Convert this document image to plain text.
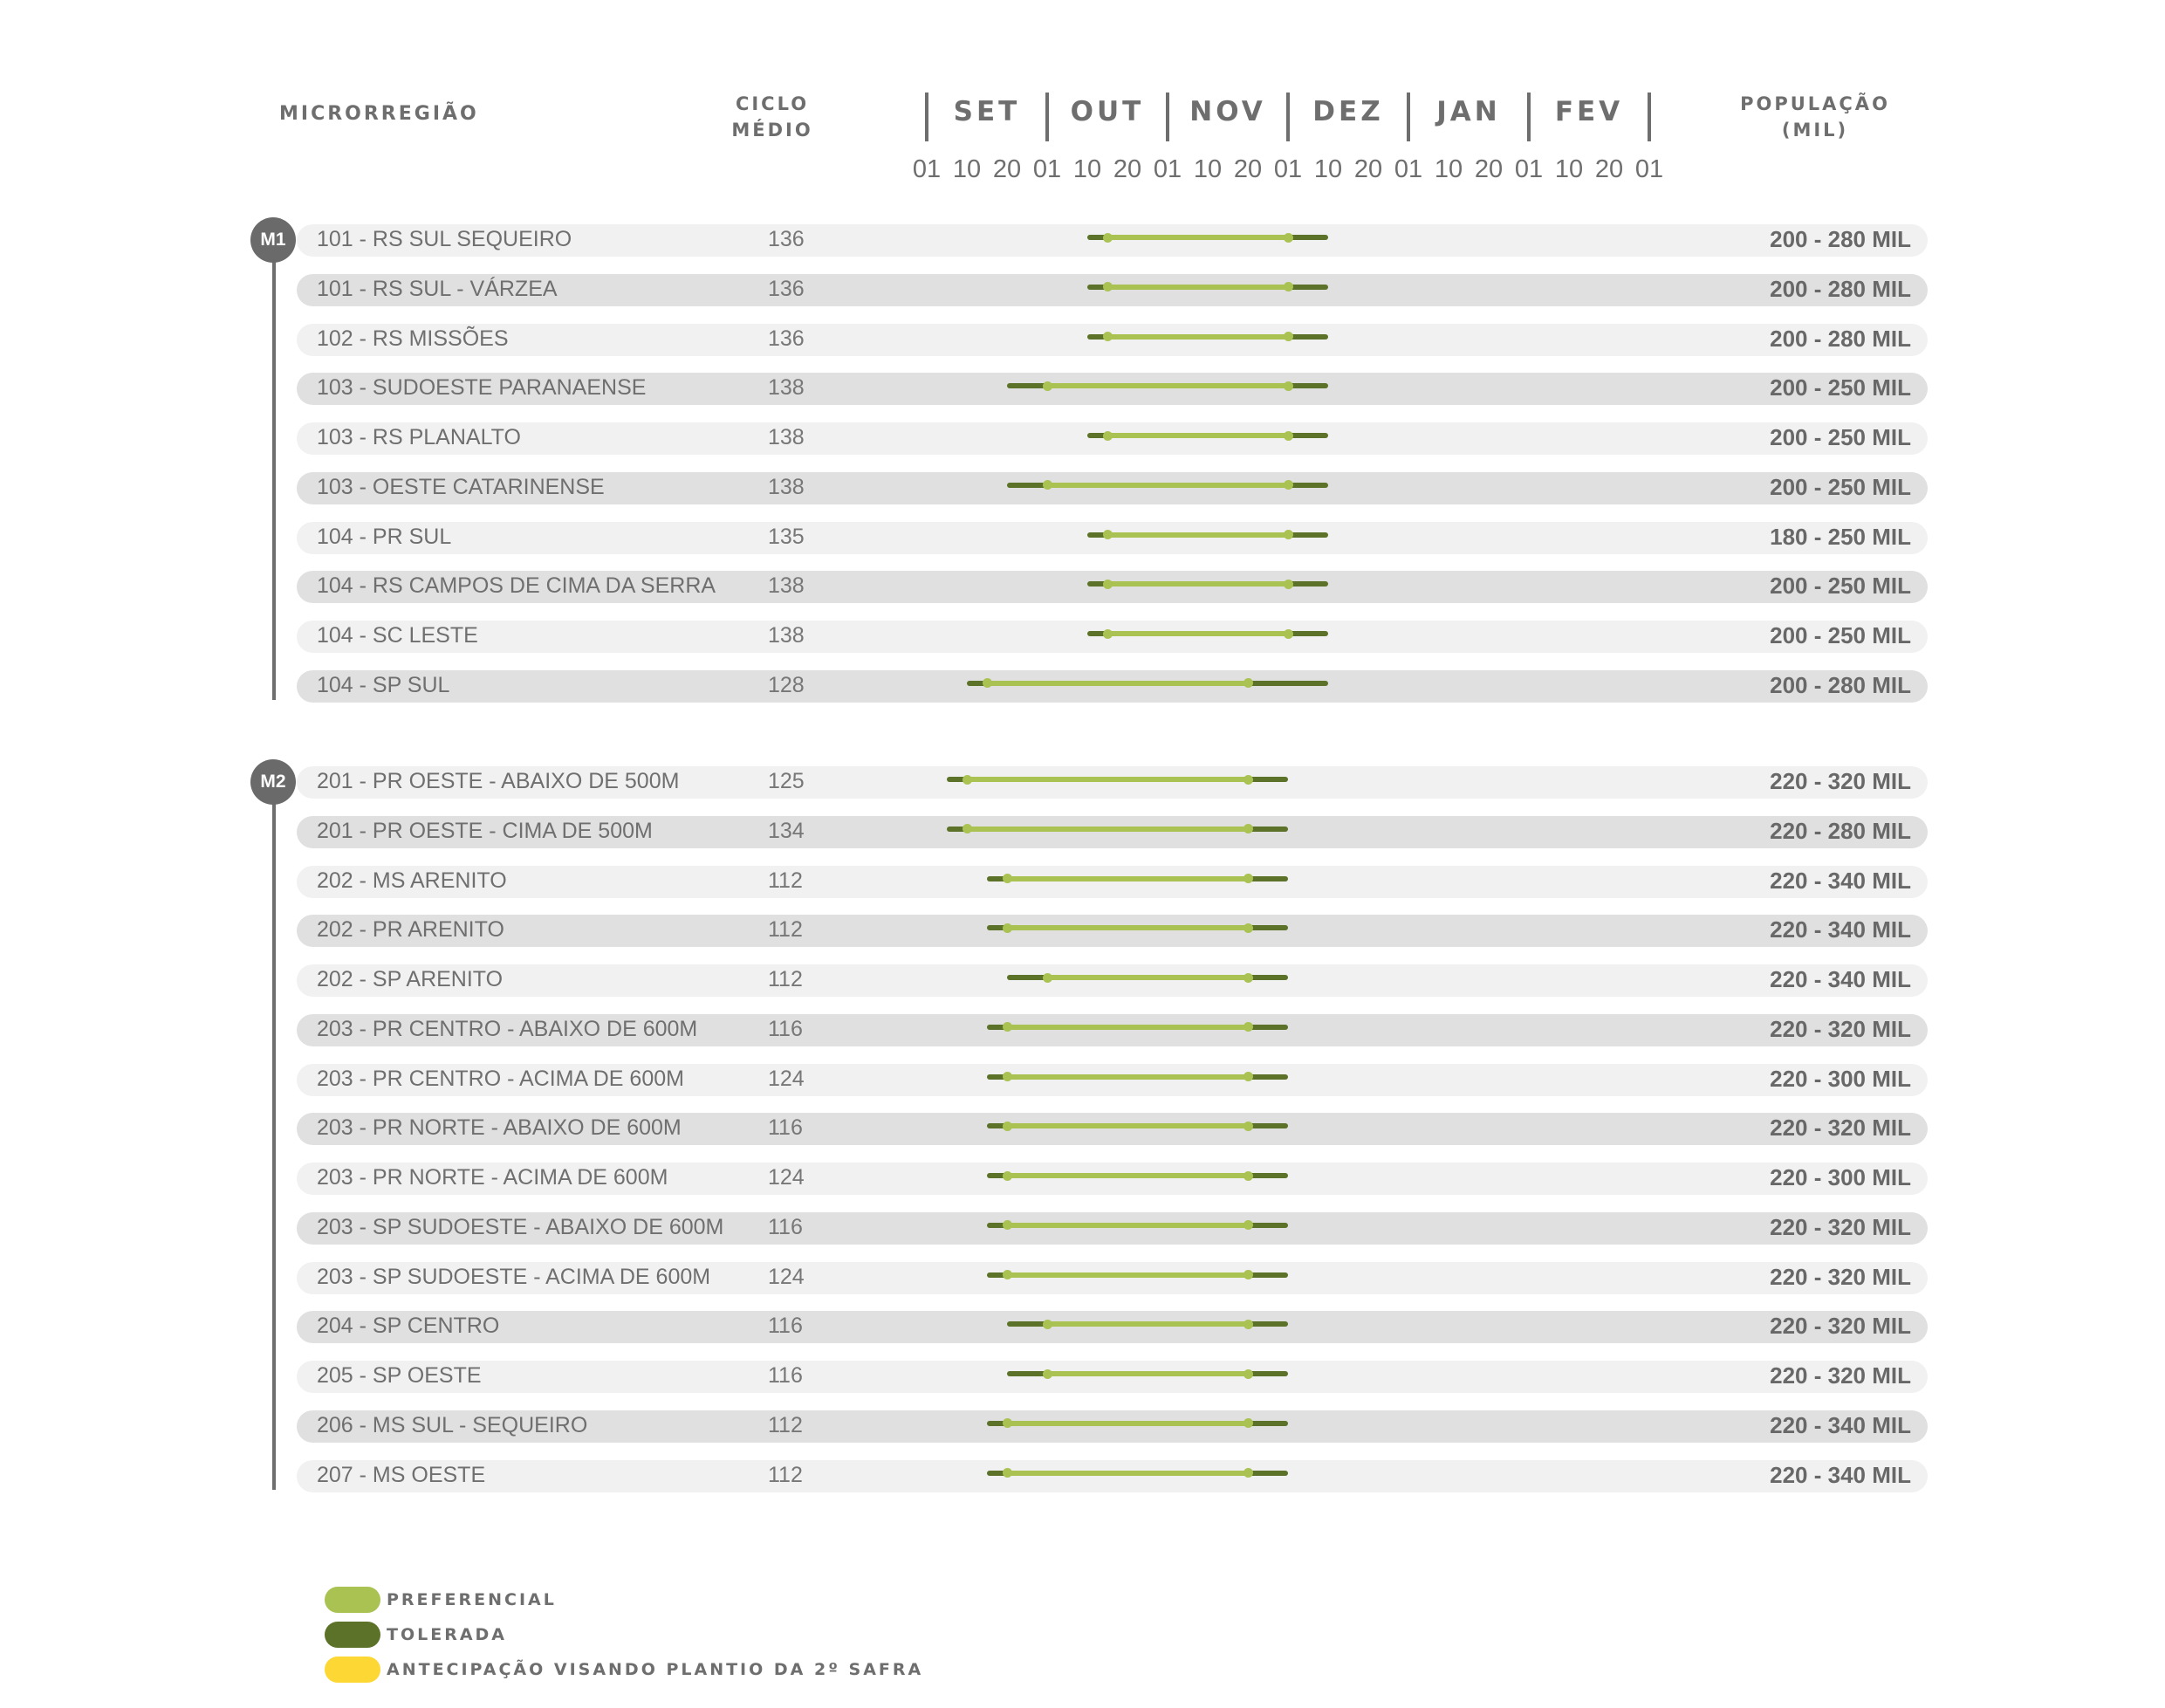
MICRORREGIÃO	CICLO
MÉDIO
POPULAÇÃO
(MIL)
SET	OUT	NOV	DEZ	JAN	FEV
01 10 20 01 10 20 01 10 20 01 10 20 01 10 20 01 10 20 01
M1	101 - RS SUL SEQUEIRO	136	200 - 280 MIL
101 - RS SUL - VÁRZEA	136	200 - 280 MIL
102 - RS MISSÕES	136	200 - 280 MIL
103 - SUDOESTE PARANAENSE	138	200 - 250 MIL
103 - RS PLANALTO	138	200 - 250 MIL
103 - OESTE CATARINENSE	138	200 - 250 MIL
104 - PR SUL	135	180 - 250 MIL
104 - RS CAMPOS DE CIMA DA SERRA 138	200 - 250 MIL
104 - SC LESTE	138	200 - 250 MIL
104 - SP SUL	128	200 - 280 MIL
M2	201 - PR OESTE - ABAIXO DE 500M	125	220 - 320 MIL
201 - PR OESTE - CIMA DE 500M	134	220 - 280 MIL
202 - MS ARENITO	112	220 - 340 MIL
202 - PR ARENITO	112	220 - 340 MIL
202 - SP ARENITO	112	220 - 340 MIL
203 - PR CENTRO - ABAIXO DE 600M	116	220 - 320 MIL
203 - PR CENTRO - ACIMA DE 600M	124	220 - 300 MIL
203 - PR NORTE - ABAIXO DE 600M	116	220 - 320 MIL
203 - PR NORTE - ACIMA DE 600M	124	220 - 300 MIL
203 - SP SUDOESTE - ABAIXO DE 600M 116	220 - 320 MIL
203 - SP SUDOESTE - ACIMA DE 600M	124	220 - 320 MIL
204 - SP CENTRO	116	220 - 320 MIL
205 - SP OESTE	116	220 - 320 MIL
206 - MS SUL - SEQUEIRO	112	220 - 340 MIL
207 - MS OESTE	112	220 - 340 MIL
PREFERENCIAL
TOLERADA
ANTECIPAÇÃO VISANDO PLANTIO DA 2º SAFRA
